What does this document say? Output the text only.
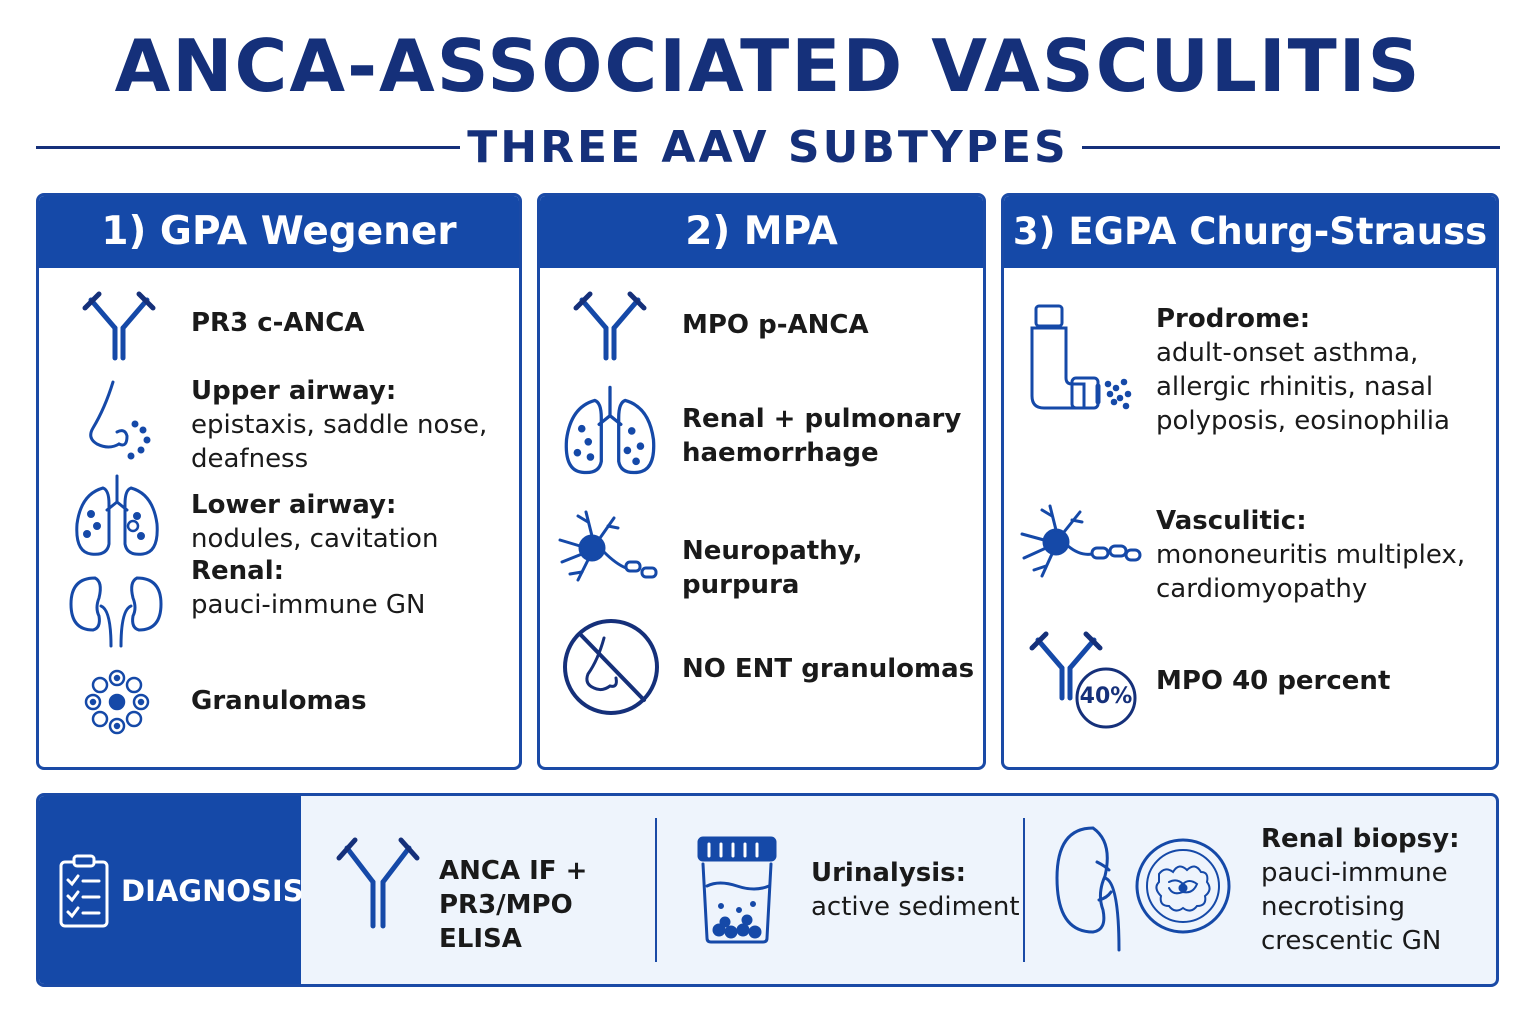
ANCA-ASSOCIATED VASCULITIS
THREE AAV SUBTYPES
1) GPA Wegener
PR3 c-ANCA
Upper airway:
epistaxis, saddle nose, deafness
Lower airway:
nodules, cavitation
Renal:
pauci-immune GN
Granulomas
2) MPA
MPO p-ANCA
Renal + pulmonary haemorrhage
Neuropathy, purpura
NO ENT granulomas
3) EGPA Churg-Strauss
Prodrome:
adult-onset asthma, allergic rhinitis, nasal polyposis, eosinophilia
Vasculitic:
mononeuritis multiplex, cardiomyopathy
40%
MPO 40 percent
DIAGNOSIS
ANCA IF + PR3/MPO ELISA
Urinalysis:
active sediment
Renal biopsy:
pauci-immune necrotising crescentic GN
